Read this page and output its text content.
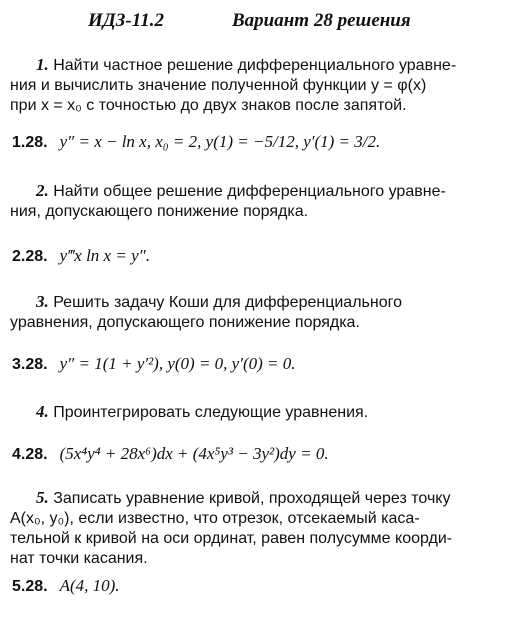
ИДЗ-11.2	Вариант 28 решения
1. Найти частное решение дифференциального уравне-
ния и вычислить значение полученной функции y = φ(x)
при x = x₀ с точностью до двух знаков после запятой.
1.28. y″ = x − ln x, x₀ = 2, y(1) = −5/12, y′(1) = 3/2.
2. Найти общее решение дифференциального уравне-
ния, допускающего понижение порядка.
2.28. y‴x ln x = y″.
3. Решить задачу Коши для дифференциального
уравнения, допускающего понижение порядка.
3.28. y″ = 1(1 + y′²), y(0) = 0, y′(0) = 0.
4. Проинтегрировать следующие уравнения.
4.28. (5x⁴y⁴ + 28x⁶)dx + (4x⁵y³ − 3y²)dy = 0.
5. Записать уравнение кривой, проходящей через точку
A(x₀, y₀), если известно, что отрезок, отсекаемый каса-
тельной к кривой на оси ординат, равен полусумме коорди-
нат точки касания.
5.28. A(4, 10).
